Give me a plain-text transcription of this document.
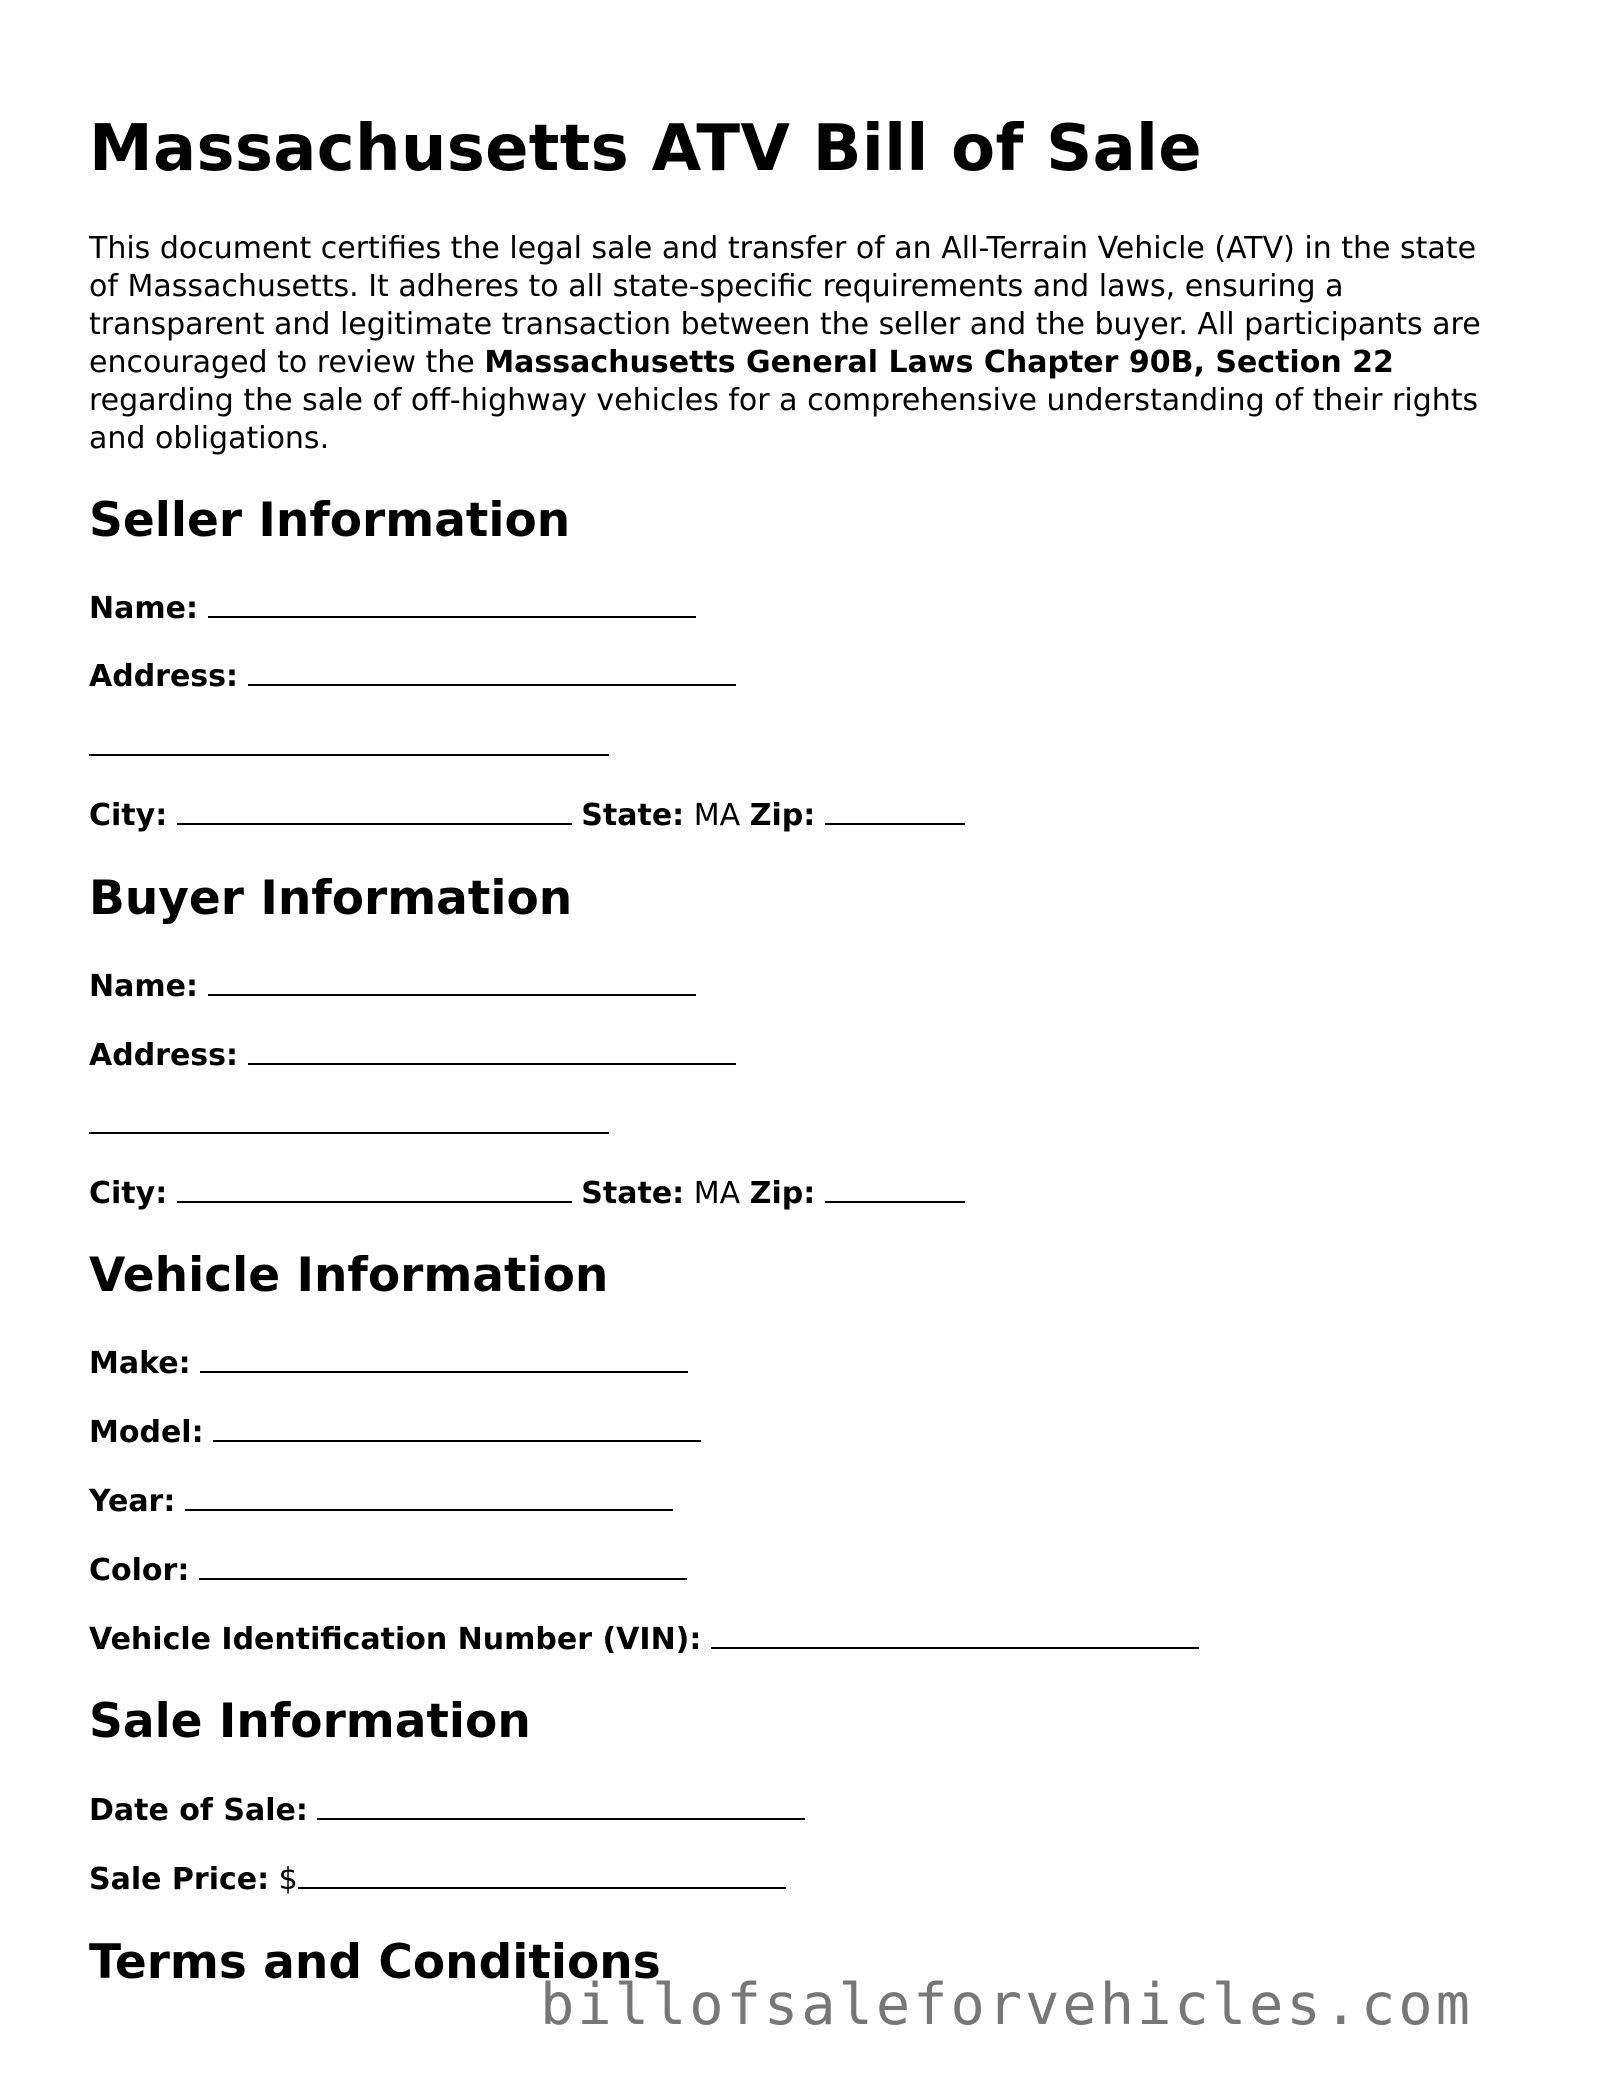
Massachusetts ATV Bill of Sale

This document certifies the legal sale and transfer of an All-Terrain Vehicle (ATV) in the state of Massachusetts. It adheres to all state-specific requirements and laws, ensuring a transparent and legitimate transaction between the seller and the buyer. All participants are encouraged to review the Massachusetts General Laws Chapter 90B, Section 22 regarding the sale of off-highway vehicles for a comprehensive understanding of their rights and obligations.

Seller Information

Name:

Address:

City:	State: MA Zip:

Buyer Information

Name:

Address:

City:	State: MA Zip:

Vehicle Information

Make:

Model:

Year:

Color:

Vehicle Identification Number (VIN):

Sale Information

Date of Sale:

Sale Price: $

Terms and Conditions
billofsaleforvehicles.com
